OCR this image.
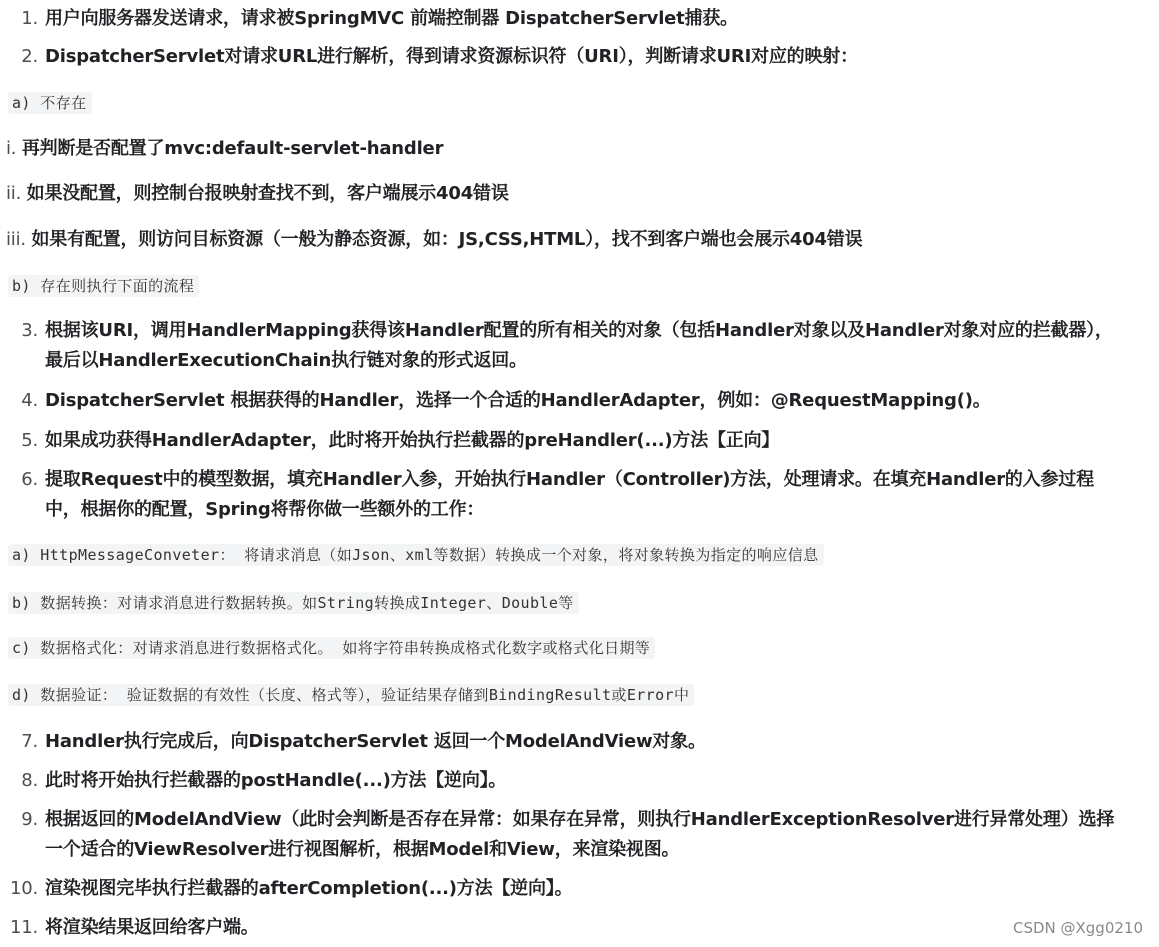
1. 用户向服务器发送请求，请求被SpringMVC 前端控制器 DispatcherServlet捕获。
2. DispatcherServlet对请求URL进行解析，得到请求资源标识符（URI），判断请求URI对应的映射：
a) 不存在
i. 再判断是否配置了mvc:default-servlet-handler
ii. 如果没配置，则控制台报映射查找不到，客户端展示404错误
iii. 如果有配置，则访问目标资源（一般为静态资源，如：JS,CSS,HTML），找不到客户端也会展示404错误
b) 存在则执行下面的流程
3. 根据该URI，调用HandlerMapping获得该Handler配置的所有相关的对象（包括Handler对象以及Handler对象对应的拦截器），
最后以HandlerExecutionChain执行链对象的形式返回。
4. DispatcherServlet 根据获得的Handler，选择一个合适的HandlerAdapter，例如：@RequestMapping()。
5. 如果成功获得HandlerAdapter，此时将开始执行拦截器的preHandler(...)方法【正向】
6. 提取Request中的模型数据，填充Handler入参，开始执行Handler（Controller)方法，处理请求。在填充Handler的入参过程
中，根据你的配置，Spring将帮你做一些额外的工作：
a) HttpMessageConveter： 将请求消息（如Json、xml等数据）转换成一个对象，将对象转换为指定的响应信息
b) 数据转换：对请求消息进行数据转换。如String转换成Integer、Double等
c) 数据格式化：对请求消息进行数据格式化。 如将字符串转换成格式化数字或格式化日期等
d) 数据验证： 验证数据的有效性（长度、格式等），验证结果存储到BindingResult或Error中
7. Handler执行完成后，向DispatcherServlet 返回一个ModelAndView对象。
8. 此时将开始执行拦截器的postHandle(...)方法【逆向】。
9. 根据返回的ModelAndView（此时会判断是否存在异常：如果存在异常，则执行HandlerExceptionResolver进行异常处理）选择
一个适合的ViewResolver进行视图解析，根据Model和View，来渲染视图。
10. 渲染视图完毕执行拦截器的afterCompletion(...)方法【逆向】。
11. 将渲染结果返回给客户端。	CSDN @Xgg0210
